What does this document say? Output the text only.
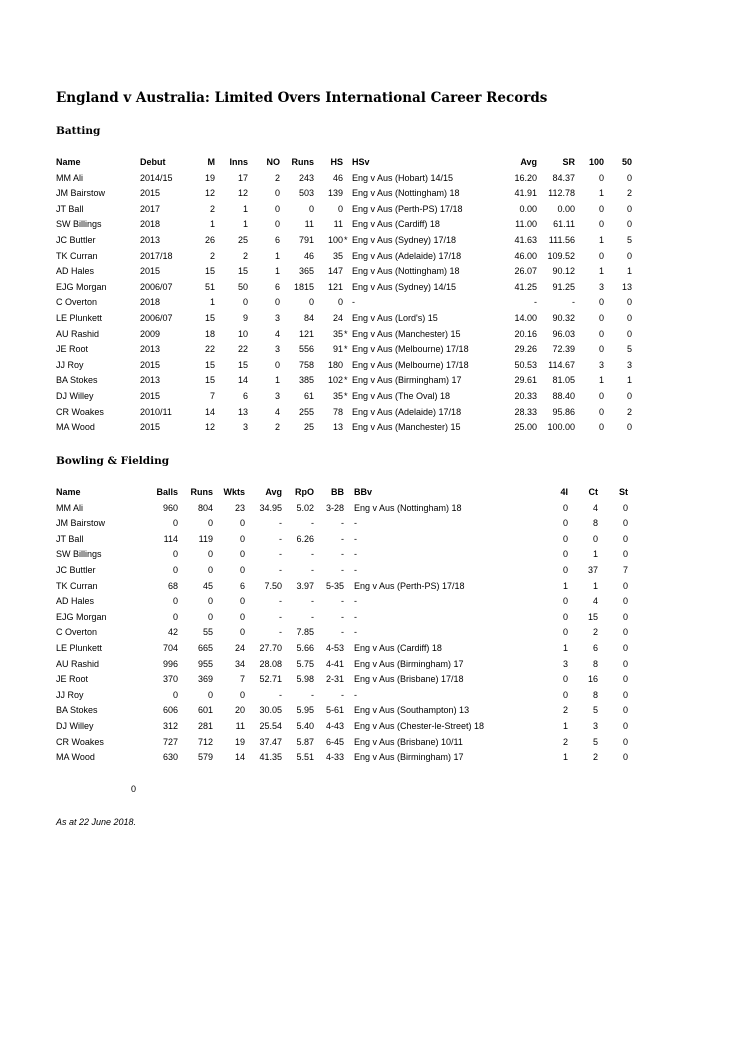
England v Australia: Limited Overs International Career Records
Batting
Name	Debut	M	Inns	NO	Runs	HS		HSv	Avg	SR	100	50
MM Ali	2014/15	19	17	2	243	46		Eng v Aus (Hobart) 14/15	16.20	84.37	0	0
JM Bairstow	2015	12	12	0	503	139		Eng v Aus (Nottingham) 18	41.91	112.78	1	2
JT Ball	2017	2	1	0	0	0		Eng v Aus (Perth-PS) 17/18	0.00	0.00	0	0
SW Billings	2018	1	1	0	11	11		Eng v Aus (Cardiff) 18	11.00	61.11	0	0
JC Buttler	2013	26	25	6	791	100	*	Eng v Aus (Sydney) 17/18	41.63	111.56	1	5
TK Curran	2017/18	2	2	1	46	35		Eng v Aus (Adelaide) 17/18	46.00	109.52	0	0
AD Hales	2015	15	15	1	365	147		Eng v Aus (Nottingham) 18	26.07	90.12	1	1
EJG Morgan	2006/07	51	50	6	1815	121		Eng v Aus (Sydney) 14/15	41.25	91.25	3	13
C Overton	2018	1	0	0	0	0		-	-	-	0	0
LE Plunkett	2006/07	15	9	3	84	24		Eng v Aus (Lord's) 15	14.00	90.32	0	0
AU Rashid	2009	18	10	4	121	35	*	Eng v Aus (Manchester) 15	20.16	96.03	0	0
JE Root	2013	22	22	3	556	91	*	Eng v Aus (Melbourne) 17/18	29.26	72.39	0	5
JJ Roy	2015	15	15	0	758	180		Eng v Aus (Melbourne) 17/18	50.53	114.67	3	3
BA Stokes	2013	15	14	1	385	102	*	Eng v Aus (Birmingham) 17	29.61	81.05	1	1
DJ Willey	2015	7	6	3	61	35	*	Eng v Aus (The Oval) 18	20.33	88.40	0	0
CR Woakes	2010/11	14	13	4	255	78		Eng v Aus (Adelaide) 17/18	28.33	95.86	0	2
MA Wood	2015	12	3	2	25	13		Eng v Aus (Manchester) 15	25.00	100.00	0	0
Bowling & Fielding
Name	Balls	Runs	Wkts	Avg	RpO	BB		BBv	4I	Ct	St
MM Ali	960	804	23	34.95	5.02	3-28		Eng v Aus (Nottingham) 18	0	4	0
JM Bairstow	0	0	0	-	-	-		-	0	8	0
JT Ball	114	119	0	-	6.26	-		-	0	0	0
SW Billings	0	0	0	-	-	-		-	0	1	0
JC Buttler	0	0	0	-	-	-		-	0	37	7
TK Curran	68	45	6	7.50	3.97	5-35		Eng v Aus (Perth-PS) 17/18	1	1	0
AD Hales	0	0	0	-	-	-		-	0	4	0
EJG Morgan	0	0	0	-	-	-		-	0	15	0
C Overton	42	55	0	-	7.85	-		-	0	2	0
LE Plunkett	704	665	24	27.70	5.66	4-53		Eng v Aus (Cardiff) 18	1	6	0
AU Rashid	996	955	34	28.08	5.75	4-41		Eng v Aus (Birmingham) 17	3	8	0
JE Root	370	369	7	52.71	5.98	2-31		Eng v Aus (Brisbane) 17/18	0	16	0
JJ Roy	0	0	0	-	-	-		-	0	8	0
BA Stokes	606	601	20	30.05	5.95	5-61		Eng v Aus (Southampton) 13	2	5	0
DJ Willey	312	281	11	25.54	5.40	4-43		Eng v Aus (Chester-le-Street) 18	1	3	0
CR Woakes	727	712	19	37.47	5.87	6-45		Eng v Aus (Brisbane) 10/11	2	5	0
MA Wood	630	579	14	41.35	5.51	4-33		Eng v Aus (Birmingham) 17	1	2	0
0
As at 22 June 2018.
